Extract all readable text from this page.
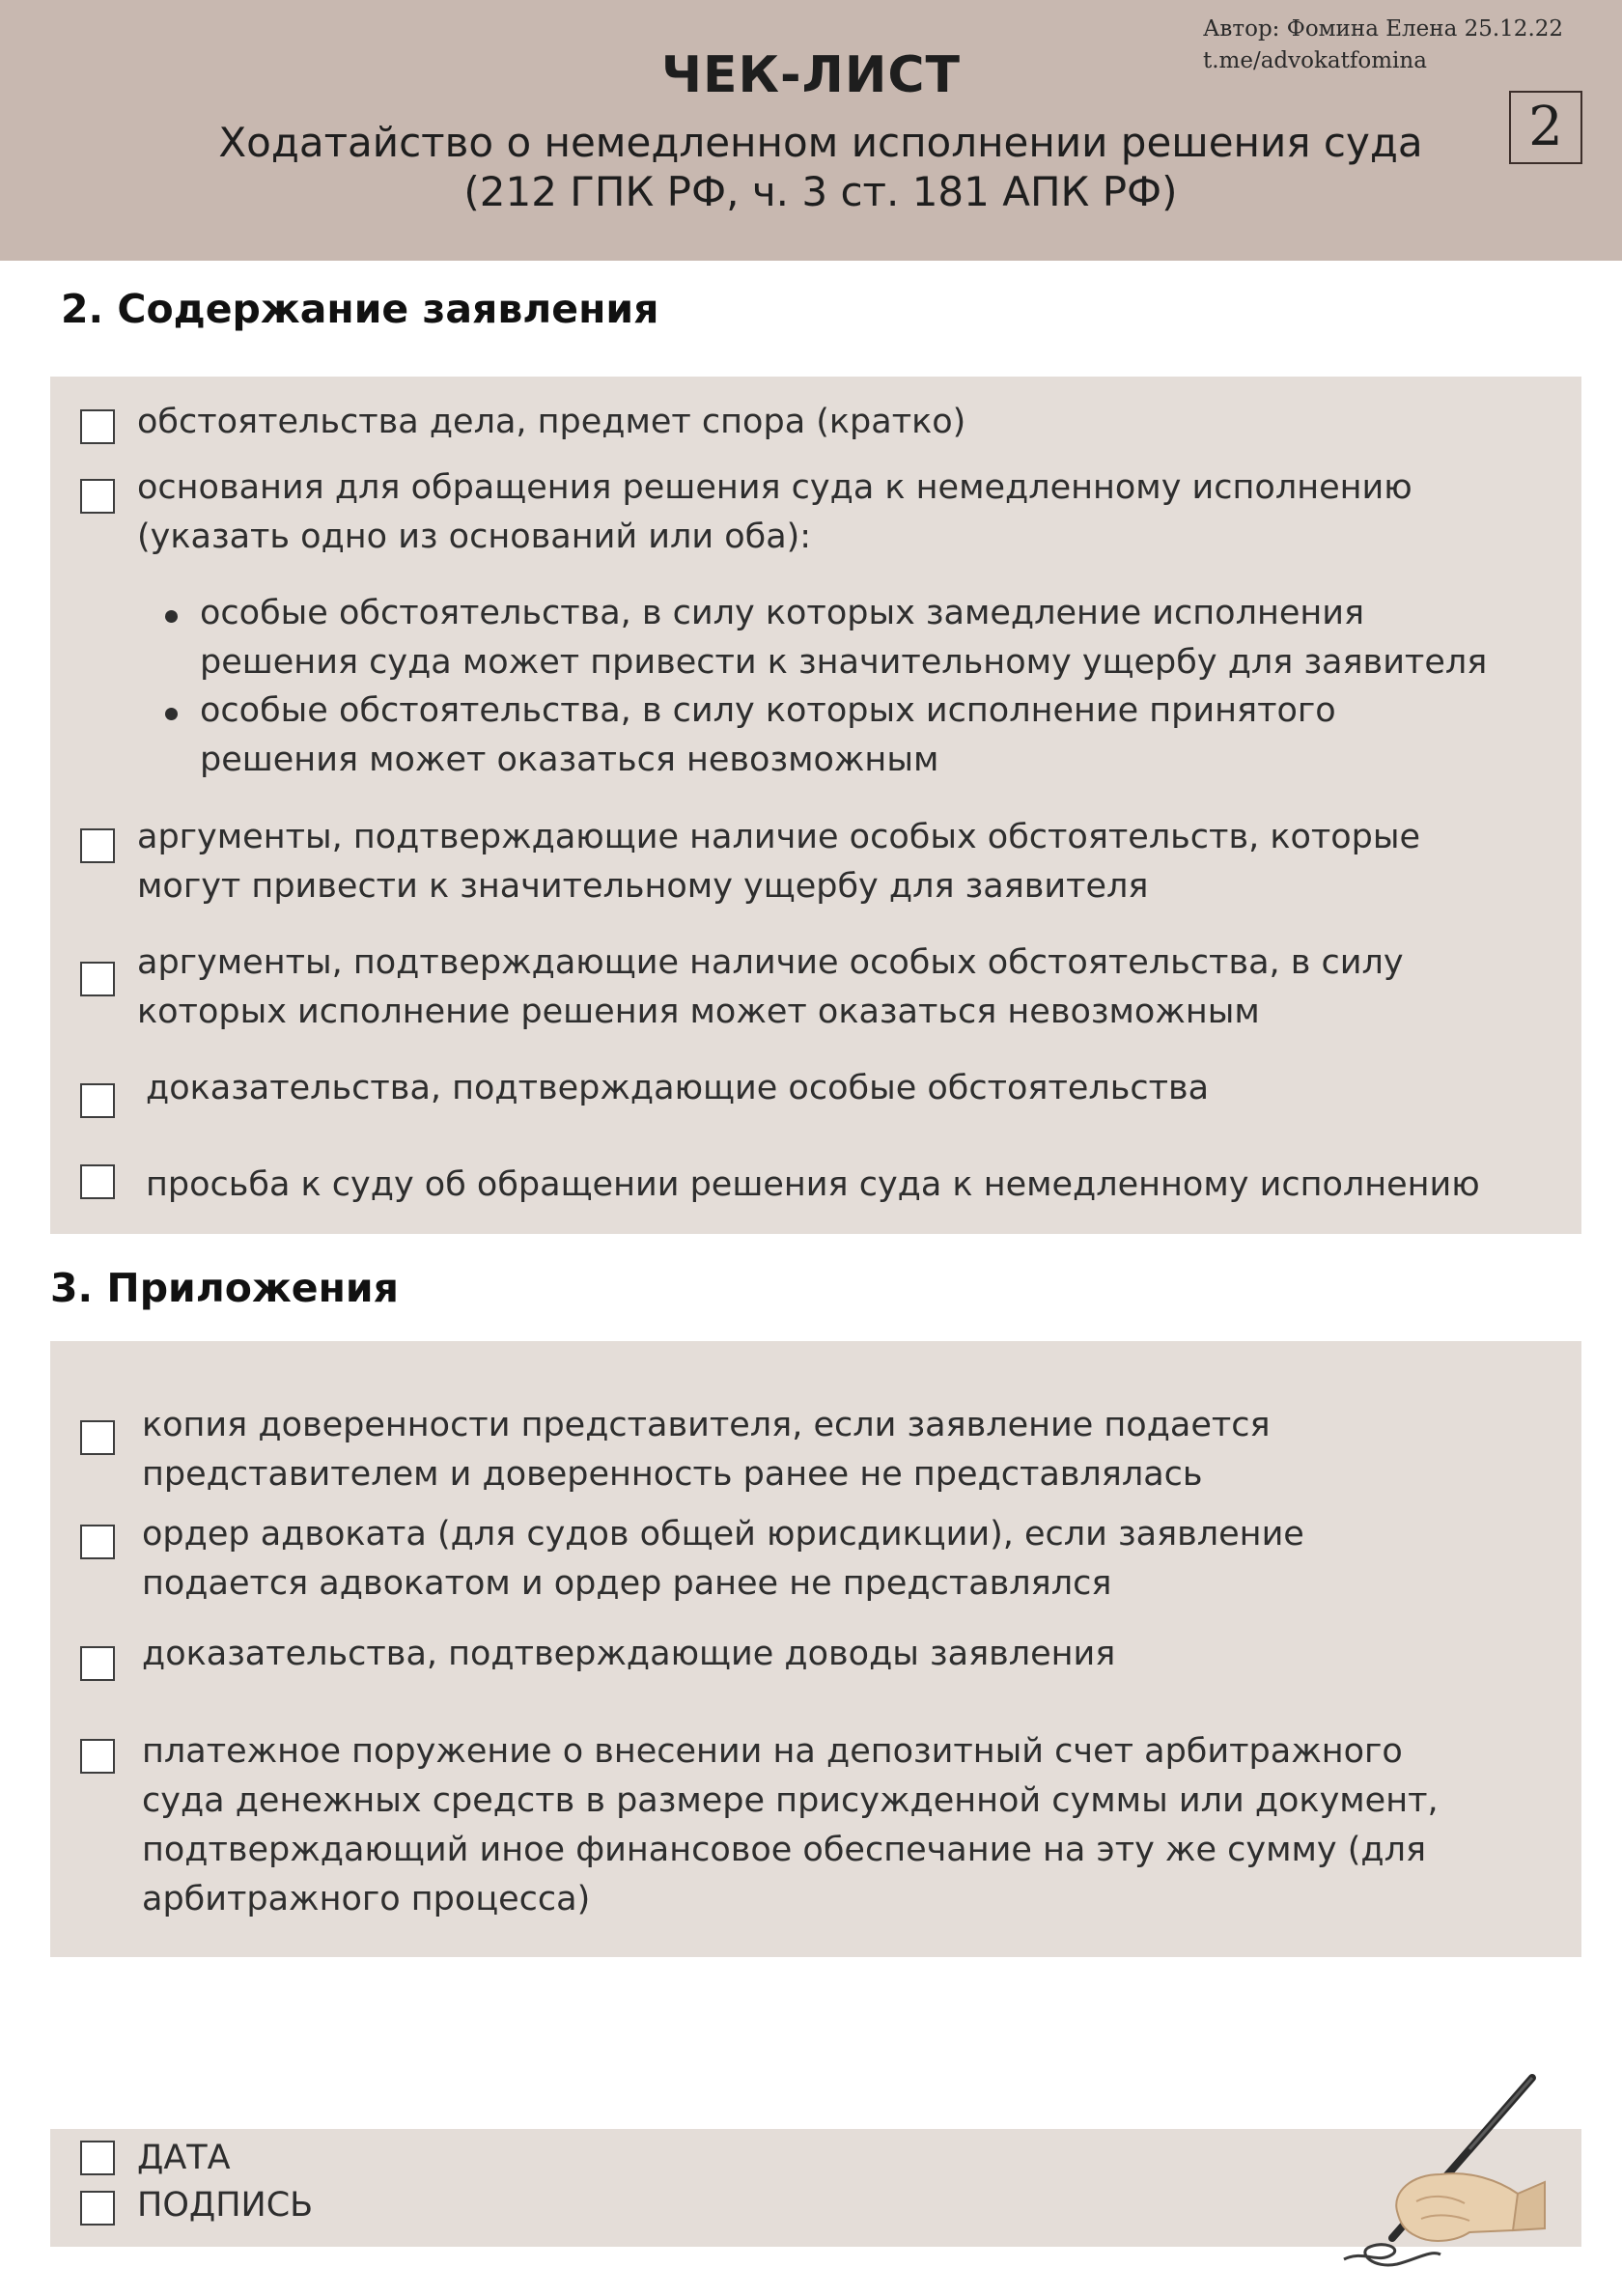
ЧЕК-ЛИСТ
Ходатайство о немедленном исполнении решения суда
(212 ГПК РФ, ч. 3 ст. 181 АПК РФ)
Автор: Фомина Елена 25.12.22
t.me/advokatfomina
2
2. Содержание заявления
обстоятельства дела, предмет спора (кратко)
основания для обращения решения суда к немедленному исполнению (указать одно из оснований или оба):
особые обстоятельства, в силу которых замедление исполнения решения суда может привести к значительному ущербу для заявителя
особые обстоятельства, в силу которых исполнение принятого решения может оказаться невозможным
аргументы, подтверждающие наличие особых обстоятельств, которые могут привести к значительному ущербу для заявителя
аргументы, подтверждающие наличие особых обстоятельства, в силу которых исполнение решения может оказаться невозможным
доказательства, подтверждающие особые обстоятельства
просьба к суду об обращении решения суда к немедленному исполнению
3. Приложения
копия доверенности представителя, если заявление подается представителем и доверенность ранее не представлялась
ордер адвоката (для судов общей юрисдикции), если заявление подается адвокатом и ордер ранее не представлялся
доказательства, подтверждающие доводы заявления
платежное поружение о внесении на депозитный счет арбитражного суда денежных средств в размере присужденной суммы или документ, подтверждающий иное финансовое обеспечание на эту же сумму (для арбитражного процесса)
ДАТА
ПОДПИСЬ
